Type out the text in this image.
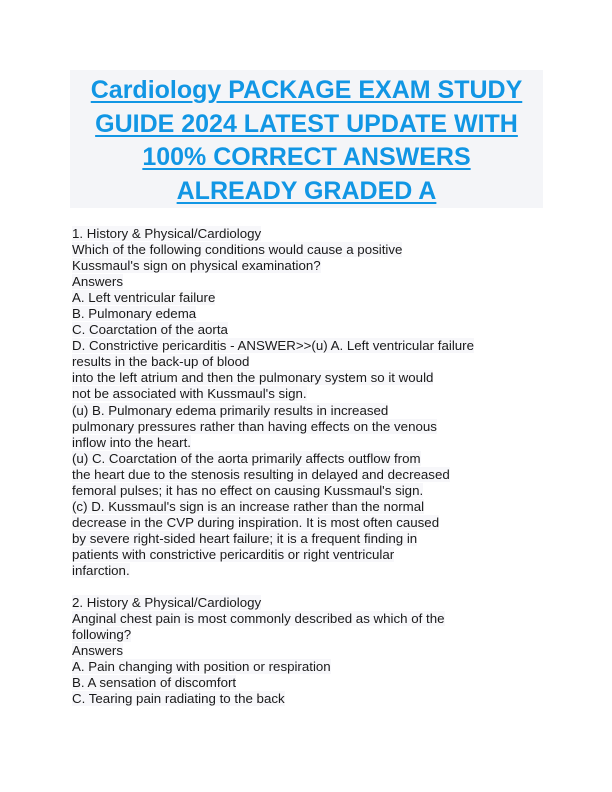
Cardiology PACKAGE EXAM STUDY
GUIDE 2024 LATEST UPDATE WITH
100% CORRECT ANSWERS
ALREADY GRADED A
1. History & Physical/Cardiology
Which of the following conditions would cause a positive
Kussmaul's sign on physical examination?
Answers
A. Left ventricular failure
B. Pulmonary edema
C. Coarctation of the aorta
D. Constrictive pericarditis - ANSWER>>(u) A. Left ventricular failure
results in the back-up of blood
into the left atrium and then the pulmonary system so it would
not be associated with Kussmaul's sign.
(u) B. Pulmonary edema primarily results in increased
pulmonary pressures rather than having effects on the venous
inflow into the heart.
(u) C. Coarctation of the aorta primarily affects outflow from
the heart due to the stenosis resulting in delayed and decreased
femoral pulses; it has no effect on causing Kussmaul's sign.
(c) D. Kussmaul's sign is an increase rather than the normal
decrease in the CVP during inspiration. It is most often caused
by severe right-sided heart failure; it is a frequent finding in
patients with constrictive pericarditis or right ventricular
infarction.
2. History & Physical/Cardiology
Anginal chest pain is most commonly described as which of the
following?
Answers
A. Pain changing with position or respiration
B. A sensation of discomfort
C. Tearing pain radiating to the back
